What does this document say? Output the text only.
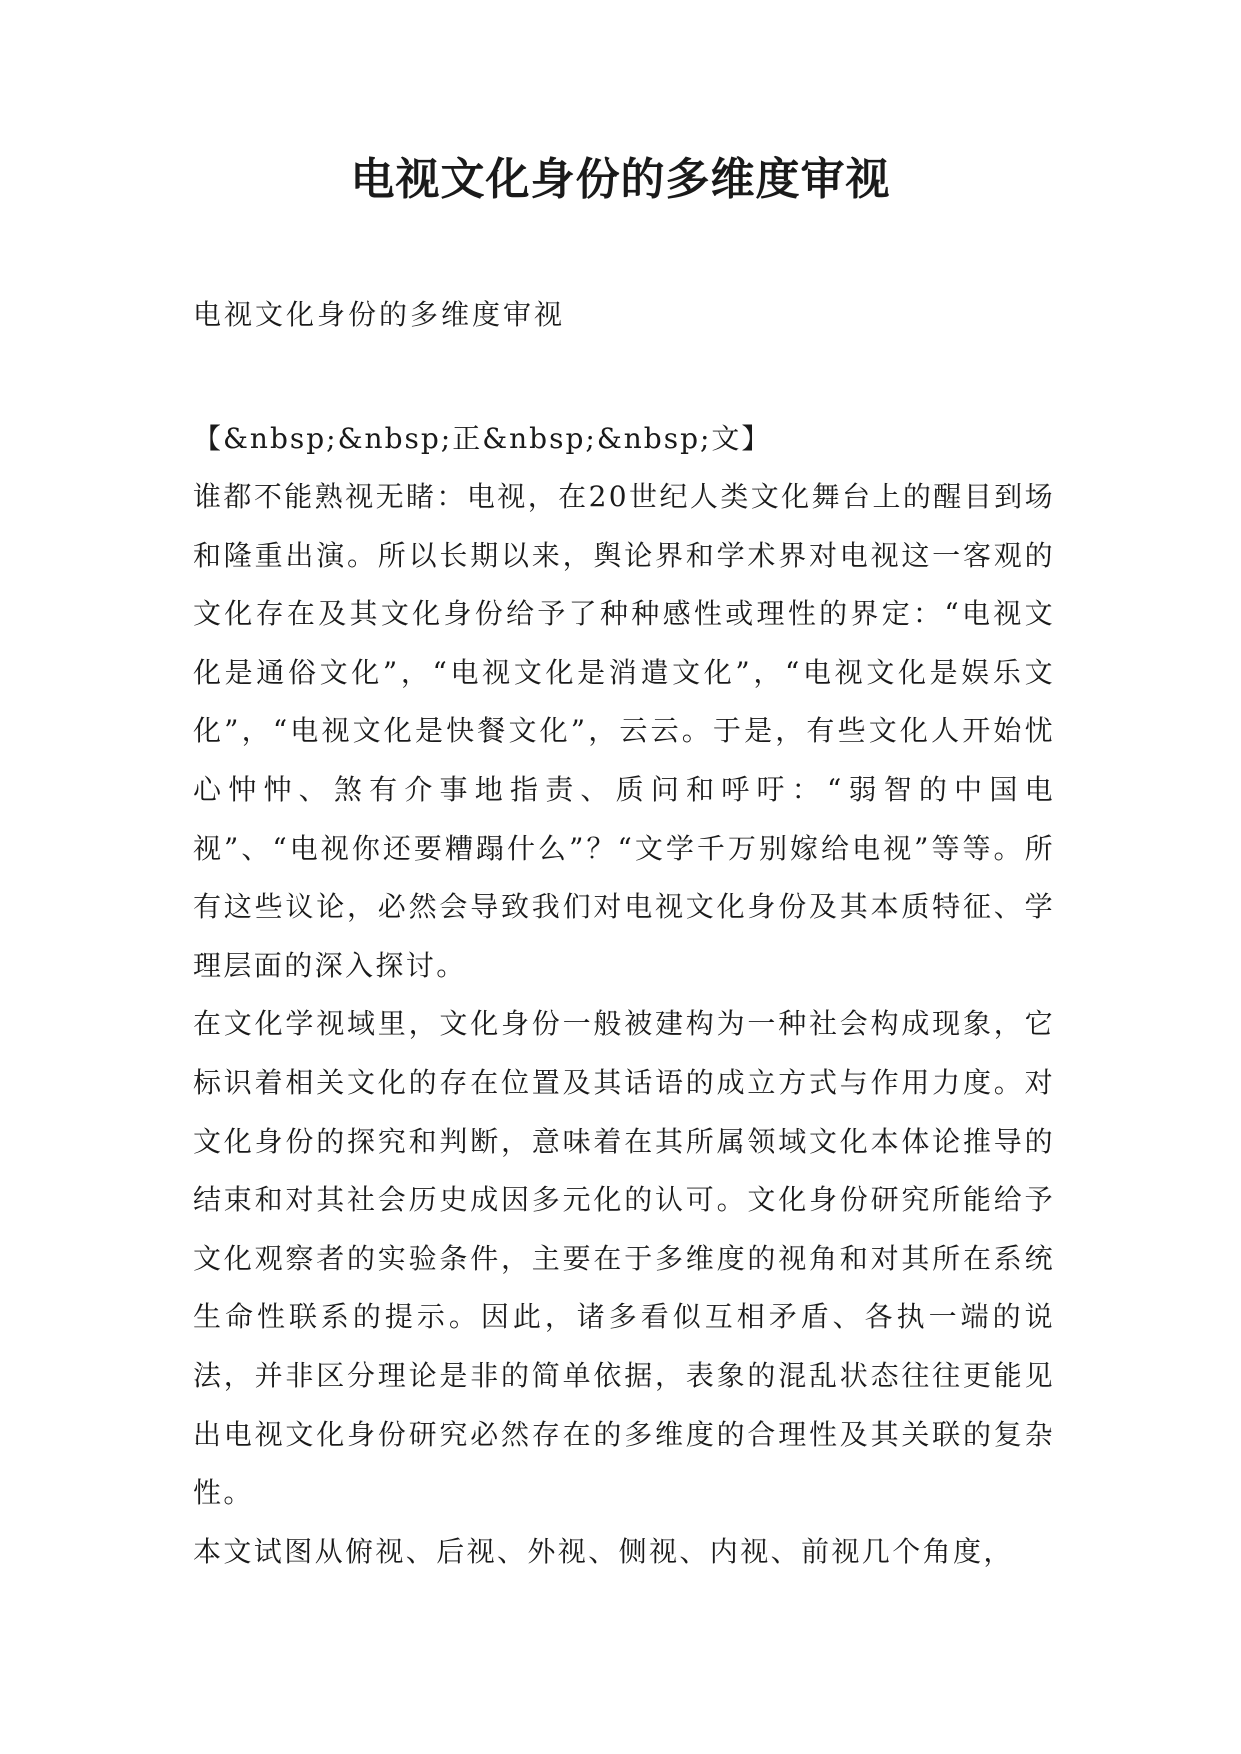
电视文化身份的多维度审视
电视文化身份的多维度审视
【&nbsp;&nbsp;正&nbsp;&nbsp;文】

谁都不能熟视无睹：电视，在20世纪人类文化舞台上的醒目到场和隆重出演。所以长期以来，舆论界和学术界对电视这一客观的文化存在及其文化身份给予了种种感性或理性的界定：“电视文化是通俗文化”，“电视文化是消遣文化”，“电视文化是娱乐文化”，“电视文化是快餐文化”，云云。于是，有些文化人开始忧心忡忡、煞有介事地指责、质问和呼吁：“弱智的中国电视”、“电视你还要糟蹋什么”？“文学千万别嫁给电视”等等。所有这些议论，必然会导致我们对电视文化身份及其本质特征、学理层面的深入探讨。

在文化学视域里，文化身份一般被建构为一种社会构成现象，它标识着相关文化的存在位置及其话语的成立方式与作用力度。对文化身份的探究和判断，意味着在其所属领域文化本体论推导的结束和对其社会历史成因多元化的认可。文化身份研究所能给予文化观察者的实验条件，主要在于多维度的视角和对其所在系统生命性联系的提示。因此，诸多看似互相矛盾、各执一端的说法，并非区分理论是非的简单依据，表象的混乱状态往往更能见出电视文化身份研究必然存在的多维度的合理性及其关联的复杂性。

本文试图从俯视、后视、外视、侧视、内视、前视几个角度，
